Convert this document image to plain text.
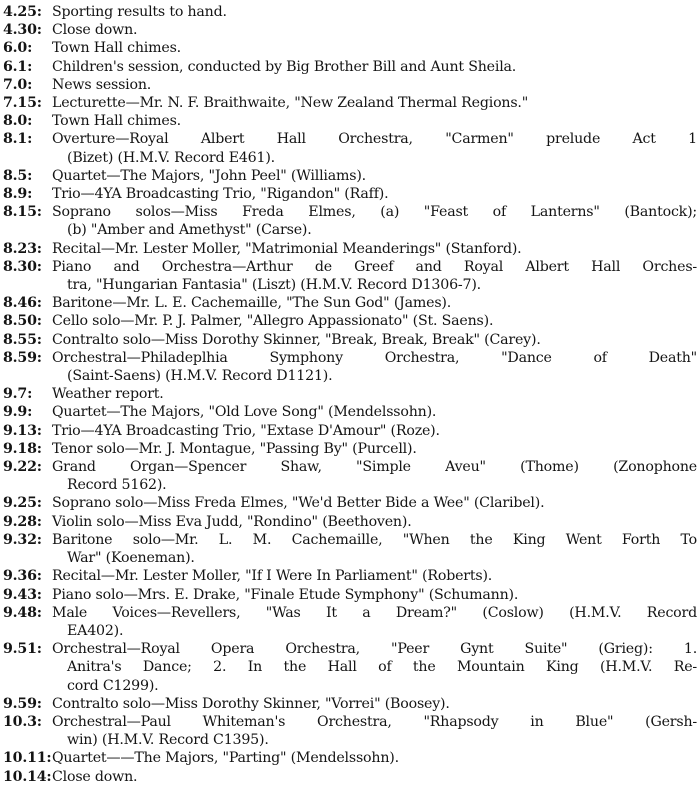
4.25: Sporting results to hand.
4.30: Close down.
6.0:	Town Hall chimes.
6.1:	Children's session, conducted by Big Brother Bill and Aunt Sheila.
7.0:	News session.
7.15: Lecturette—Mr. N. F. Braithwaite, "New Zealand Thermal Regions."
8.0:	Town Hall chimes.
8.1:	Overture—Royal Albert Hall Orchestra, "Carmen" prelude Act 1
(Bizet) (H.M.V. Record E461).
8.5:	Quartet—The Majors, "John Peel" (Williams).
8.9:	Trio—4YA Broadcasting Trio, "Rigandon" (Raff).
8.15: Soprano solos—Miss Freda Elmes, (a) "Feast of Lanterns" (Bantock);
(b) "Amber and Amethyst" (Carse).
8.23: Recital—Mr. Lester Moller, "Matrimonial Meanderings" (Stanford).
8.30: Piano and Orchestra—Arthur de Greef and Royal Albert Hall Orches-
tra, "Hungarian Fantasia" (Liszt) (H.M.V. Record D1306-7).
8.46: Baritone—Mr. L. E. Cachemaille, "The Sun God" (James).
8.50: Cello solo—Mr. P. J. Palmer, "Allegro Appassionato" (St. Saens).
8.55: Contralto solo—Miss Dorothy Skinner, "Break, Break, Break" (Carey).
8.59: Orchestral—Philadeplhia Symphony Orchestra, "Dance of Death"
(Saint-Saens) (H.M.V. Record D1121).
9.7:	Weather report.
9.9:	Quartet—The Majors, "Old Love Song" (Mendelssohn).
9.13: Trio—4YA Broadcasting Trio, "Extase D'Amour" (Roze).
9.18: Tenor solo—Mr. J. Montague, "Passing By" (Purcell).
9.22: Grand Organ—Spencer Shaw, "Simple Aveu" (Thome) (Zonophone
Record 5162).
9.25: Soprano solo—Miss Freda Elmes, "We'd Better Bide a Wee" (Claribel).
9.28: Violin solo—Miss Eva Judd, "Rondino" (Beethoven).
9.32: Baritone solo—Mr. L. M. Cachemaille, "When the King Went Forth To
War" (Koeneman).
9.36: Recital—Mr. Lester Moller, "If I Were In Parliament" (Roberts).
9.43: Piano solo—Mrs. E. Drake, "Finale Etude Symphony" (Schumann).
9.48: Male Voices—Revellers, "Was It a Dream?" (Coslow) (H.M.V. Record
EA402).
9.51: Orchestral—Royal Opera Orchestra, "Peer Gynt Suite" (Grieg): 1.
Anitra's Dance; 2. In the Hall of the Mountain King (H.M.V. Re-
cord C1299).
9.59: Contralto solo—Miss Dorothy Skinner, "Vorrei" (Boosey).
10.3: Orchestral—Paul Whiteman's Orchestra, "Rhapsody in Blue" (Gersh-
win) (H.M.V. Record C1395).
10.11: Quartet——The Majors, "Parting" (Mendelssohn).
10.14: Close down.
